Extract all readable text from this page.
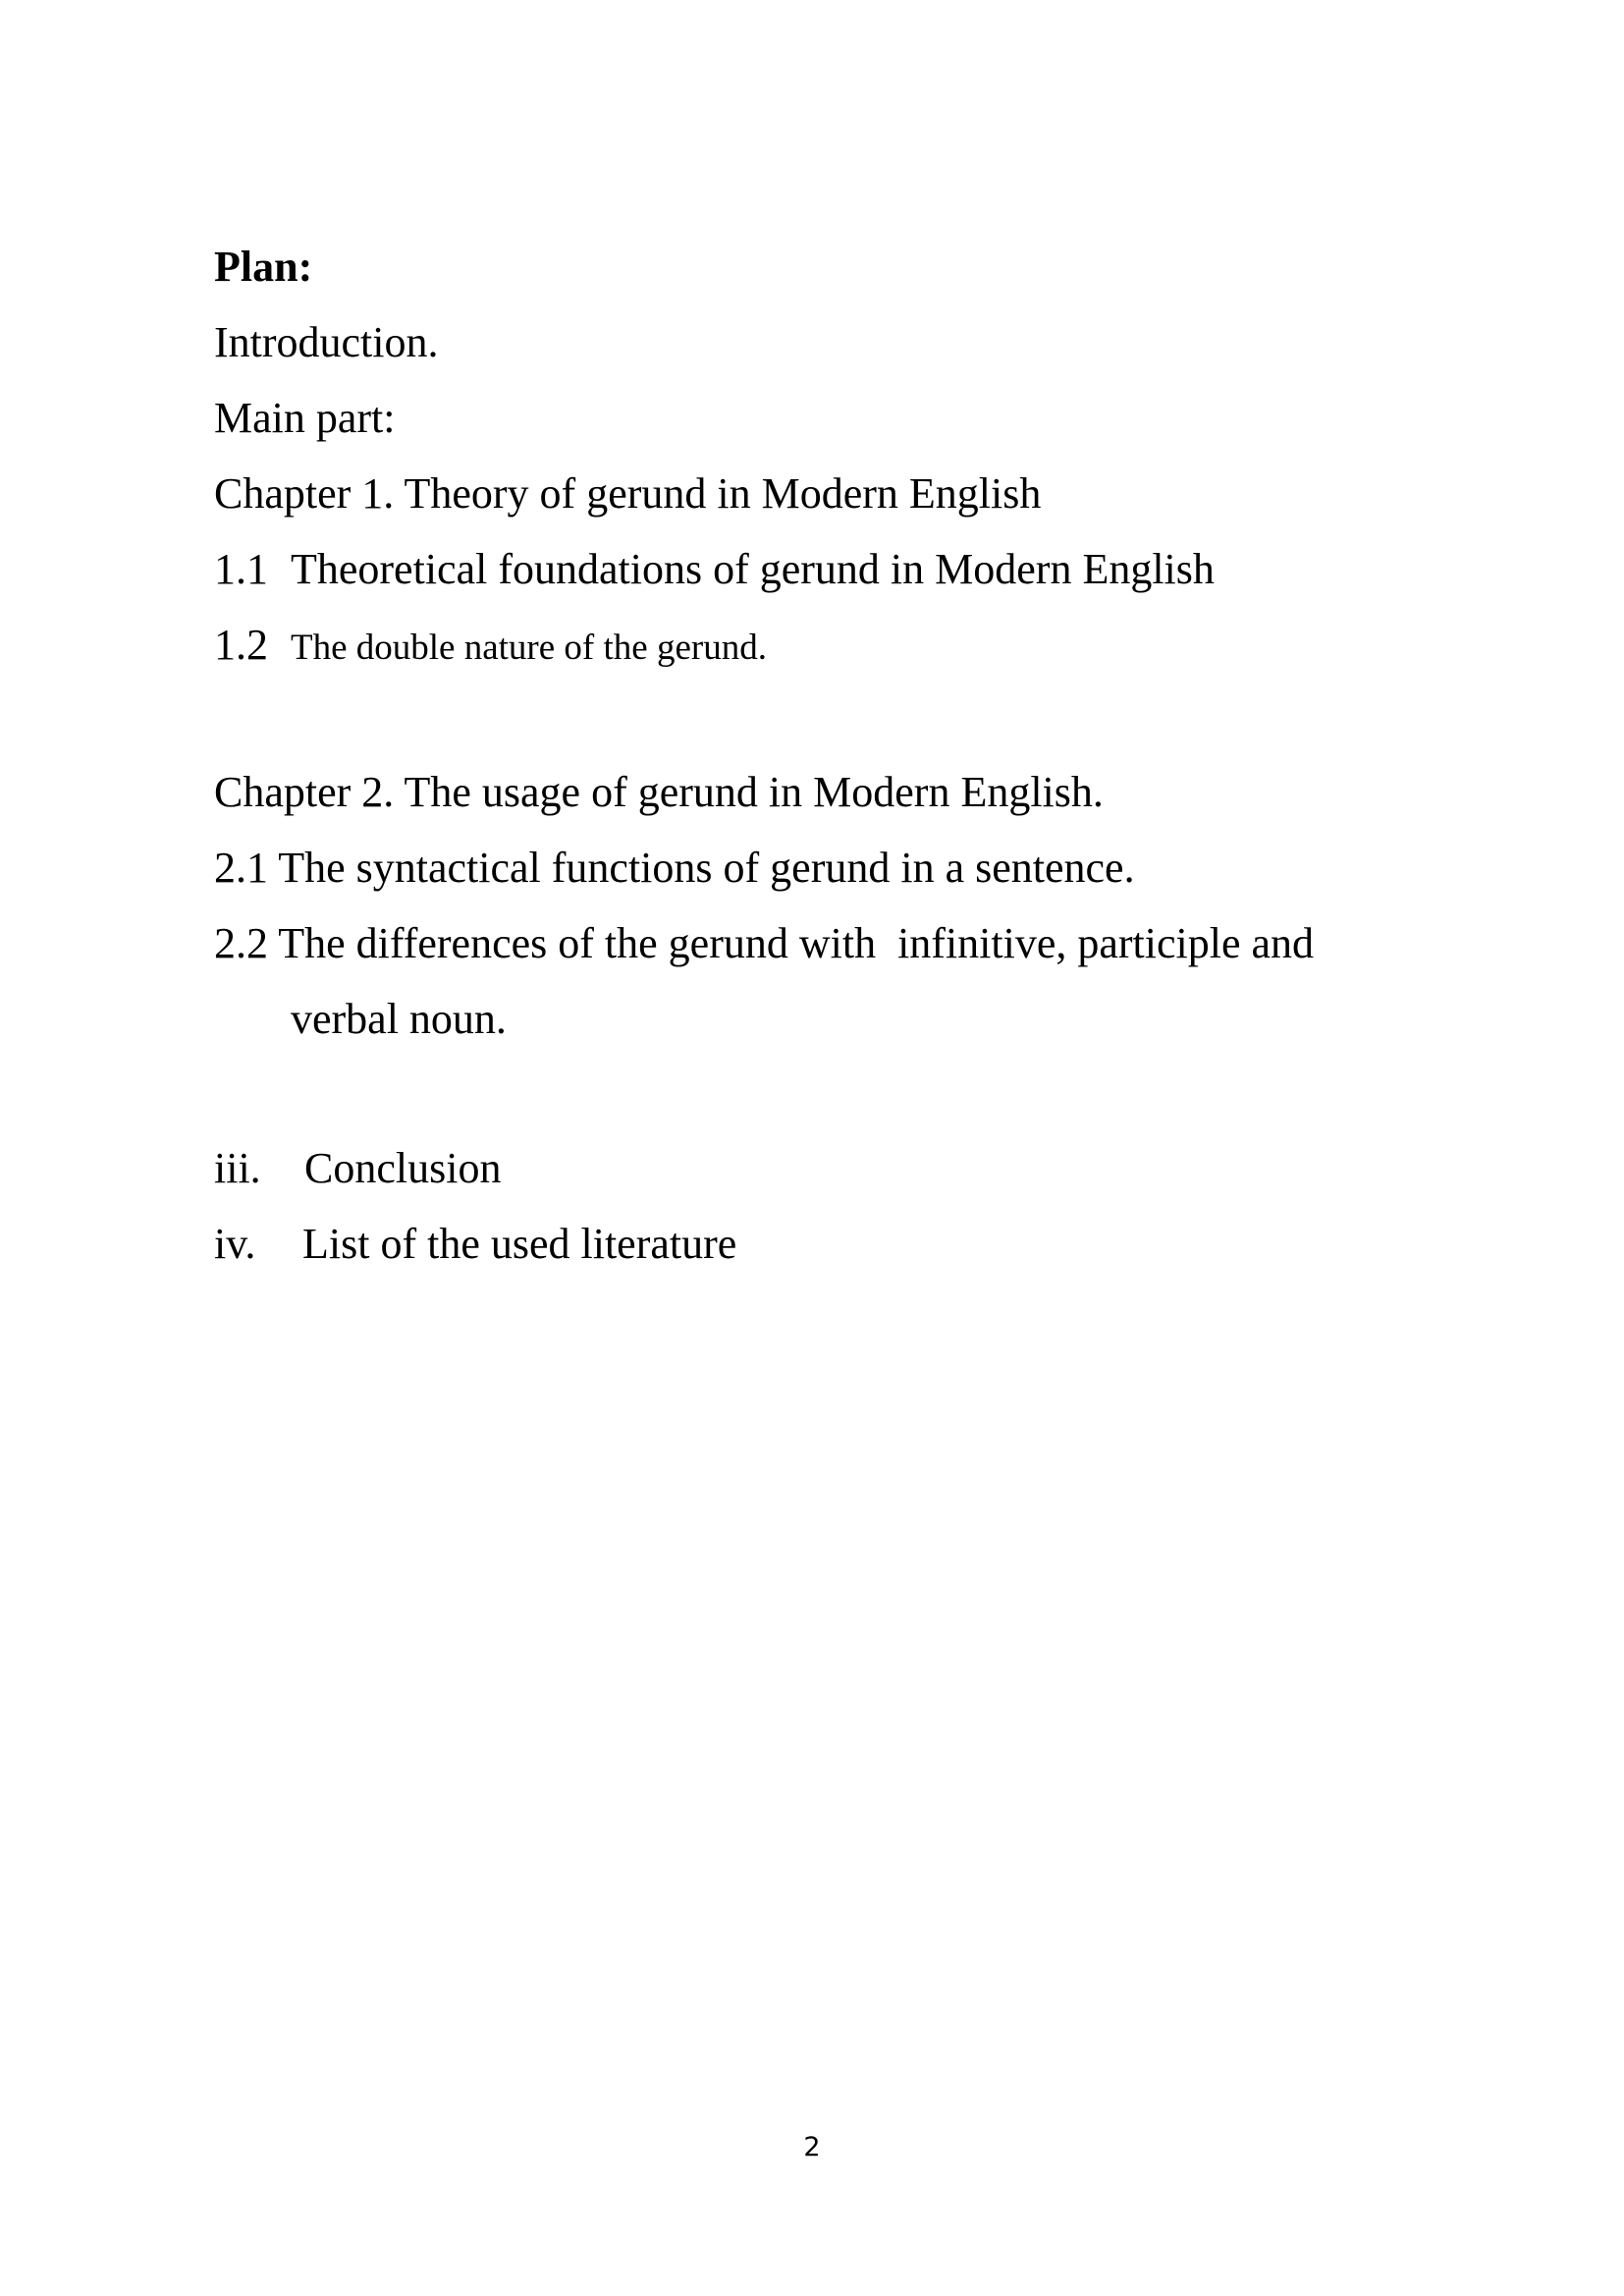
Plan:
Introduction.
Main part:
Chapter 1. Theory of gerund in Modern English
1.1 Theoretical foundations of gerund in Modern English
1.2 The double nature of the gerund.
Chapter 2. The usage of gerund in Modern English.
2.1 The syntactical functions of gerund in a sentence.
2.2 The differences of the gerund with  infinitive, participle and
verbal noun.
iii. Conclusion
iv. List of the used literature
2
